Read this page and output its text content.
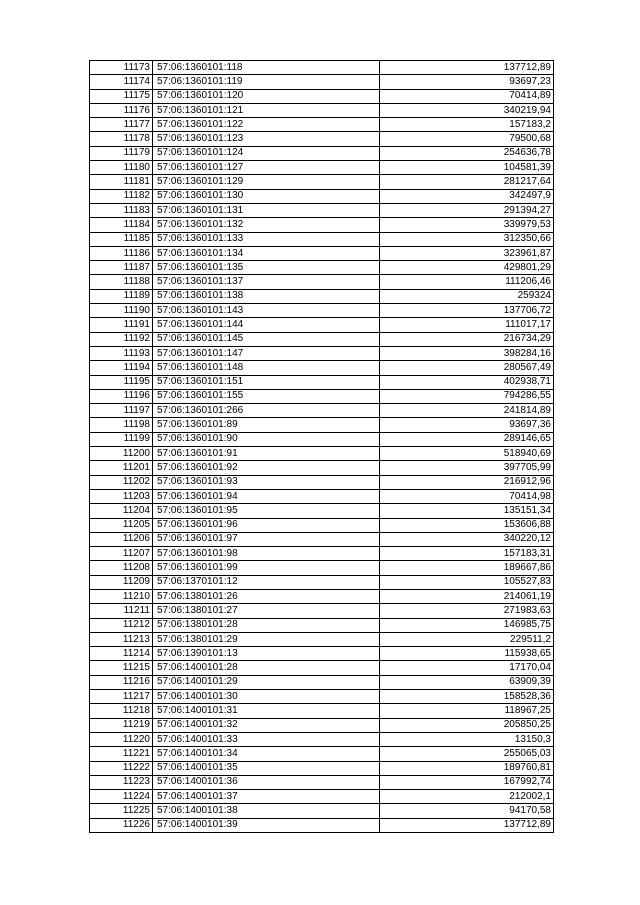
11173	57:06:1360101:118	137712,89
11174	57:06:1360101:119	93697,23
11175	57:06:1360101:120	70414,89
11176	57:06:1360101:121	340219,94
11177	57:06:1360101:122	157183,2
11178	57:06:1360101:123	79500,68
11179	57:06:1360101:124	254636,78
11180	57:06:1360101:127	104581,39
11181	57:06:1360101:129	281217,64
11182	57:06:1360101:130	342497,9
11183	57:06:1360101:131	291394,27
11184	57:06:1360101:132	339979,53
11185	57:06:1360101:133	312350,66
11186	57:06:1360101:134	323961,87
11187	57:06:1360101:135	429801,29
11188	57:06:1360101:137	111206,46
11189	57:06:1360101:138	259324
11190	57:06:1360101:143	137706,72
11191	57:06:1360101:144	111017,17
11192	57:06:1360101:145	216734,29
11193	57:06:1360101:147	398284,16
11194	57:06:1360101:148	280567,49
11195	57:06:1360101:151	402938,71
11196	57:06:1360101:155	794286,55
11197	57:06:1360101:266	241814,89
11198	57:06:1360101:89	93697,36
11199	57:06:1360101:90	289146,65
11200	57:06:1360101:91	518940,69
11201	57:06:1360101:92	397705,99
11202	57:06:1360101:93	216912,96
11203	57:06:1360101:94	70414,98
11204	57:06:1360101:95	135151,34
11205	57:06:1360101:96	153606,88
11206	57:06:1360101:97	340220,12
11207	57:06:1360101:98	157183,31
11208	57:06:1360101:99	189667,86
11209	57:06:1370101:12	105527,83
11210	57:06:1380101:26	214061,19
11211	57:06:1380101:27	271983,63
11212	57:06:1380101:28	146985,75
11213	57:06:1380101:29	229511,2
11214	57:06:1390101:13	115938,65
11215	57:06:1400101:28	17170,04
11216	57:06:1400101:29	63909,39
11217	57:06:1400101:30	158528,36
11218	57:06:1400101:31	118967,25
11219	57:06:1400101:32	205850,25
11220	57:06:1400101:33	13150,3
11221	57:06:1400101:34	255065,03
11222	57:06:1400101:35	189760,81
11223	57:06:1400101:36	167992,74
11224	57:06:1400101:37	212002,1
11225	57:06:1400101:38	94170,58
11226	57:06:1400101:39	137712,89
